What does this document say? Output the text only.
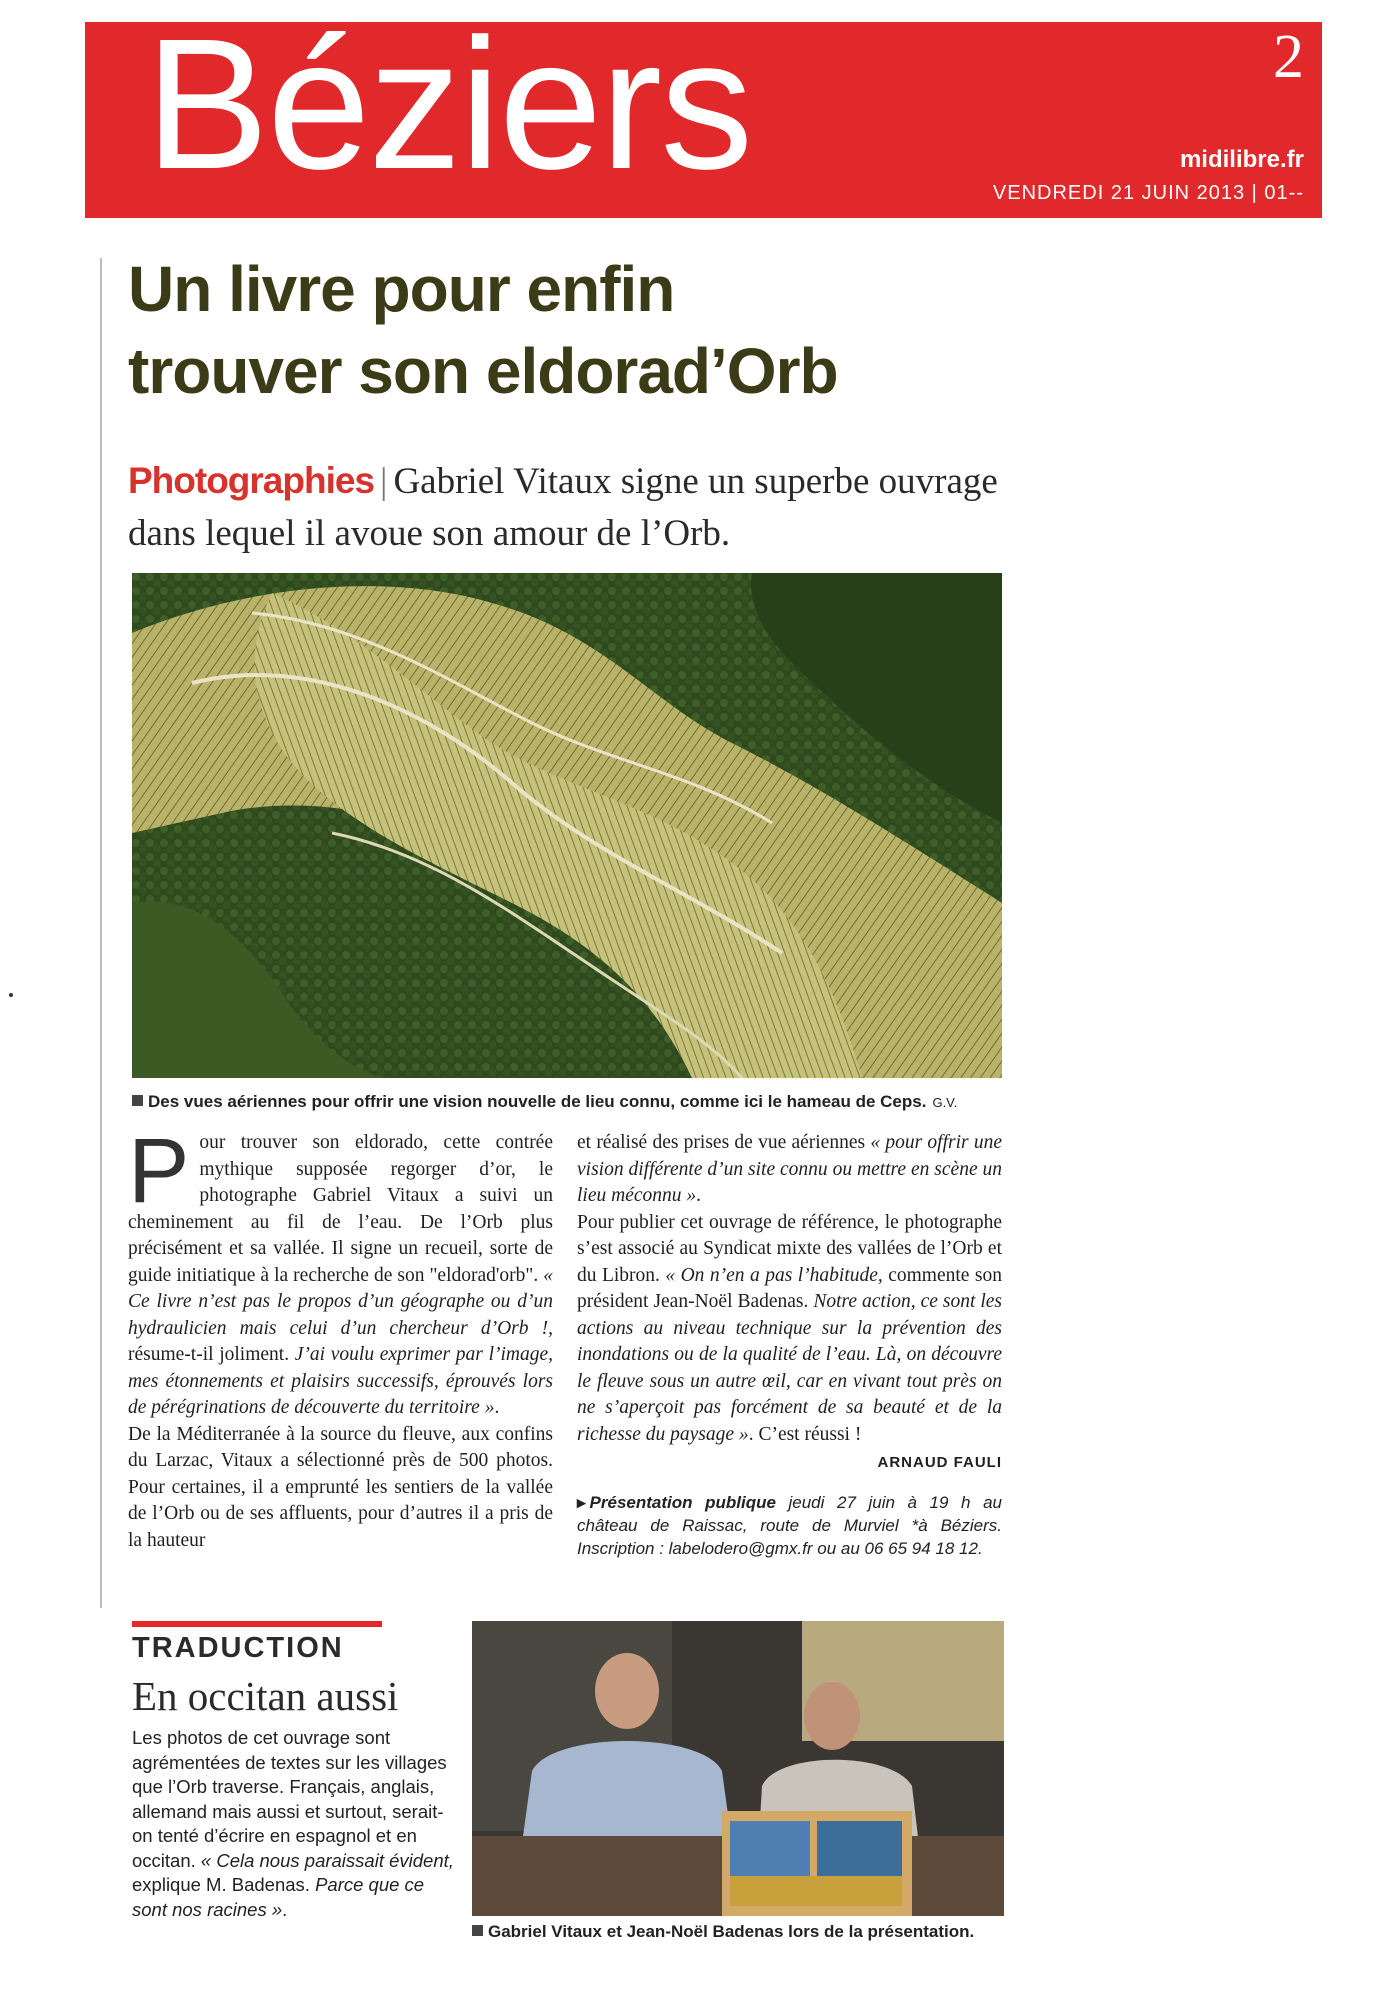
Béziers	2
midilibre.fr
VENDREDI 21 JUIN 2013 | 01--
Un livre pour enfin
trouver son eldorad’Orb
Photographies | Gabriel Vitaux signe un superbe ouvrage dans lequel il avoue son amour de l’Orb.
Des vues aériennes pour offrir une vision nouvelle de lieu connu, comme ici le hameau de Ceps. G.V.
Pour trouver son eldorado, cette contrée mythique supposée regorger d’or, le photographe Gabriel Vitaux a suivi un cheminement au fil de l’eau. De l’Orb plus précisément et sa vallée. Il signe un recueil, sorte de guide initiatique à la recherche de son "eldorad'orb". « Ce livre n’est pas le propos d’un géographe ou d’un hydraulicien mais celui d’un chercheur d’Orb !, résume-t-il joliment. J’ai voulu exprimer par l’image, mes étonnements et plaisirs successifs, éprouvés lors de pérégrinations de découverte du territoire ».
De la Méditerranée à la source du fleuve, aux confins du Larzac, Vitaux a sélectionné près de 500 photos. Pour certaines, il a emprunté les sentiers de la vallée de l’Orb ou de ses affluents, pour d’autres il a pris de la hauteur
et réalisé des prises de vue aériennes « pour offrir une vision différente d’un site connu ou mettre en scène un lieu méconnu ».
Pour publier cet ouvrage de référence, le photographe s’est associé au Syndicat mixte des vallées de l’Orb et du Libron. « On n’en a pas l’habitude, commente son président Jean-Noël Badenas. Notre action, ce sont les actions au niveau technique sur la prévention des inondations ou de la qualité de l’eau. Là, on découvre le fleuve sous un autre œil, car en vivant tout près on ne s’aperçoit pas forcément de sa beauté et de la richesse du paysage ». C’est réussi !
ARNAUD FAULI
▸ Présentation publique jeudi 27 juin à 19 h au château de Raissac, route de Murviel *à Béziers. Inscription : labelodero@gmx.fr ou au 06 65 94 18 12.
TRADUCTION
En occitan aussi
Les photos de cet ouvrage sont agrémentées de textes sur les villages que l’Orb traverse. Français, anglais, allemand mais aussi et surtout, serait-on tenté d’écrire en espagnol et en occitan. « Cela nous paraissait évident, explique M. Badenas. Parce que ce sont nos racines ».
Gabriel Vitaux et Jean-Noël Badenas lors de la présentation.
